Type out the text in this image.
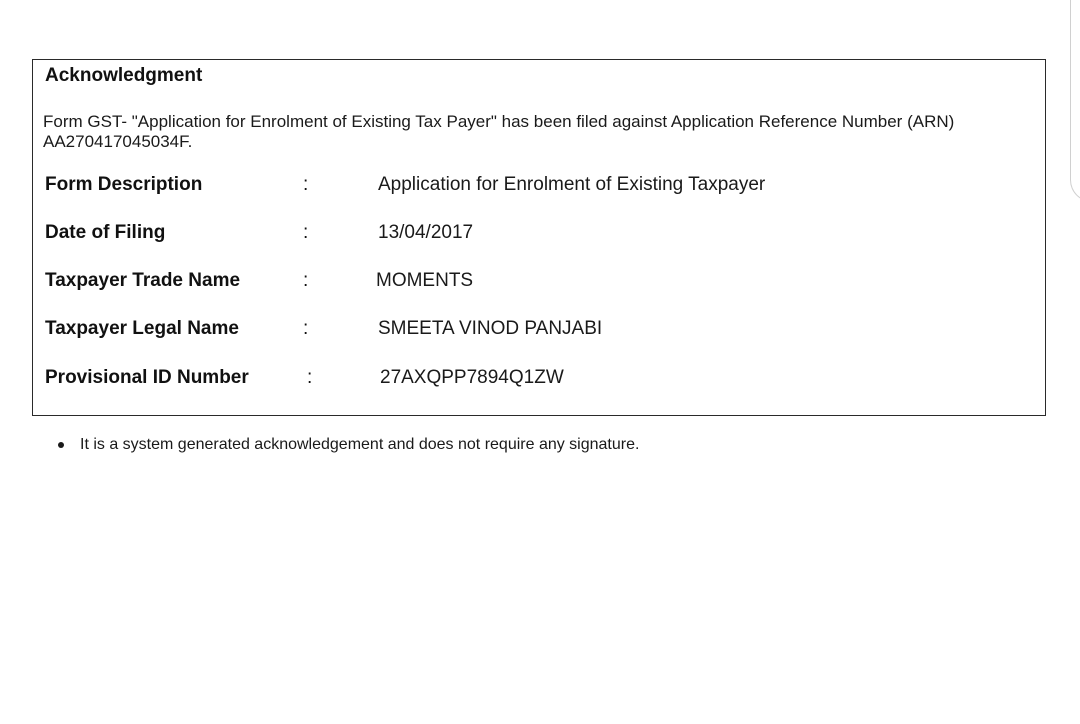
Acknowledgment
Form GST- "Application for Enrolment of Existing Tax Payer" has been filed against Application Reference Number (ARN) AA270417045034F.
Form Description	:	Application for Enrolment of Existing Taxpayer
Date of Filing	:	13/04/2017
Taxpayer Trade Name	:	MOMENTS
Taxpayer Legal Name	:	SMEETA VINOD PANJABI
Provisional ID Number	:	27AXQPP7894Q1ZW
It is a system generated acknowledgement and does not require any signature.
